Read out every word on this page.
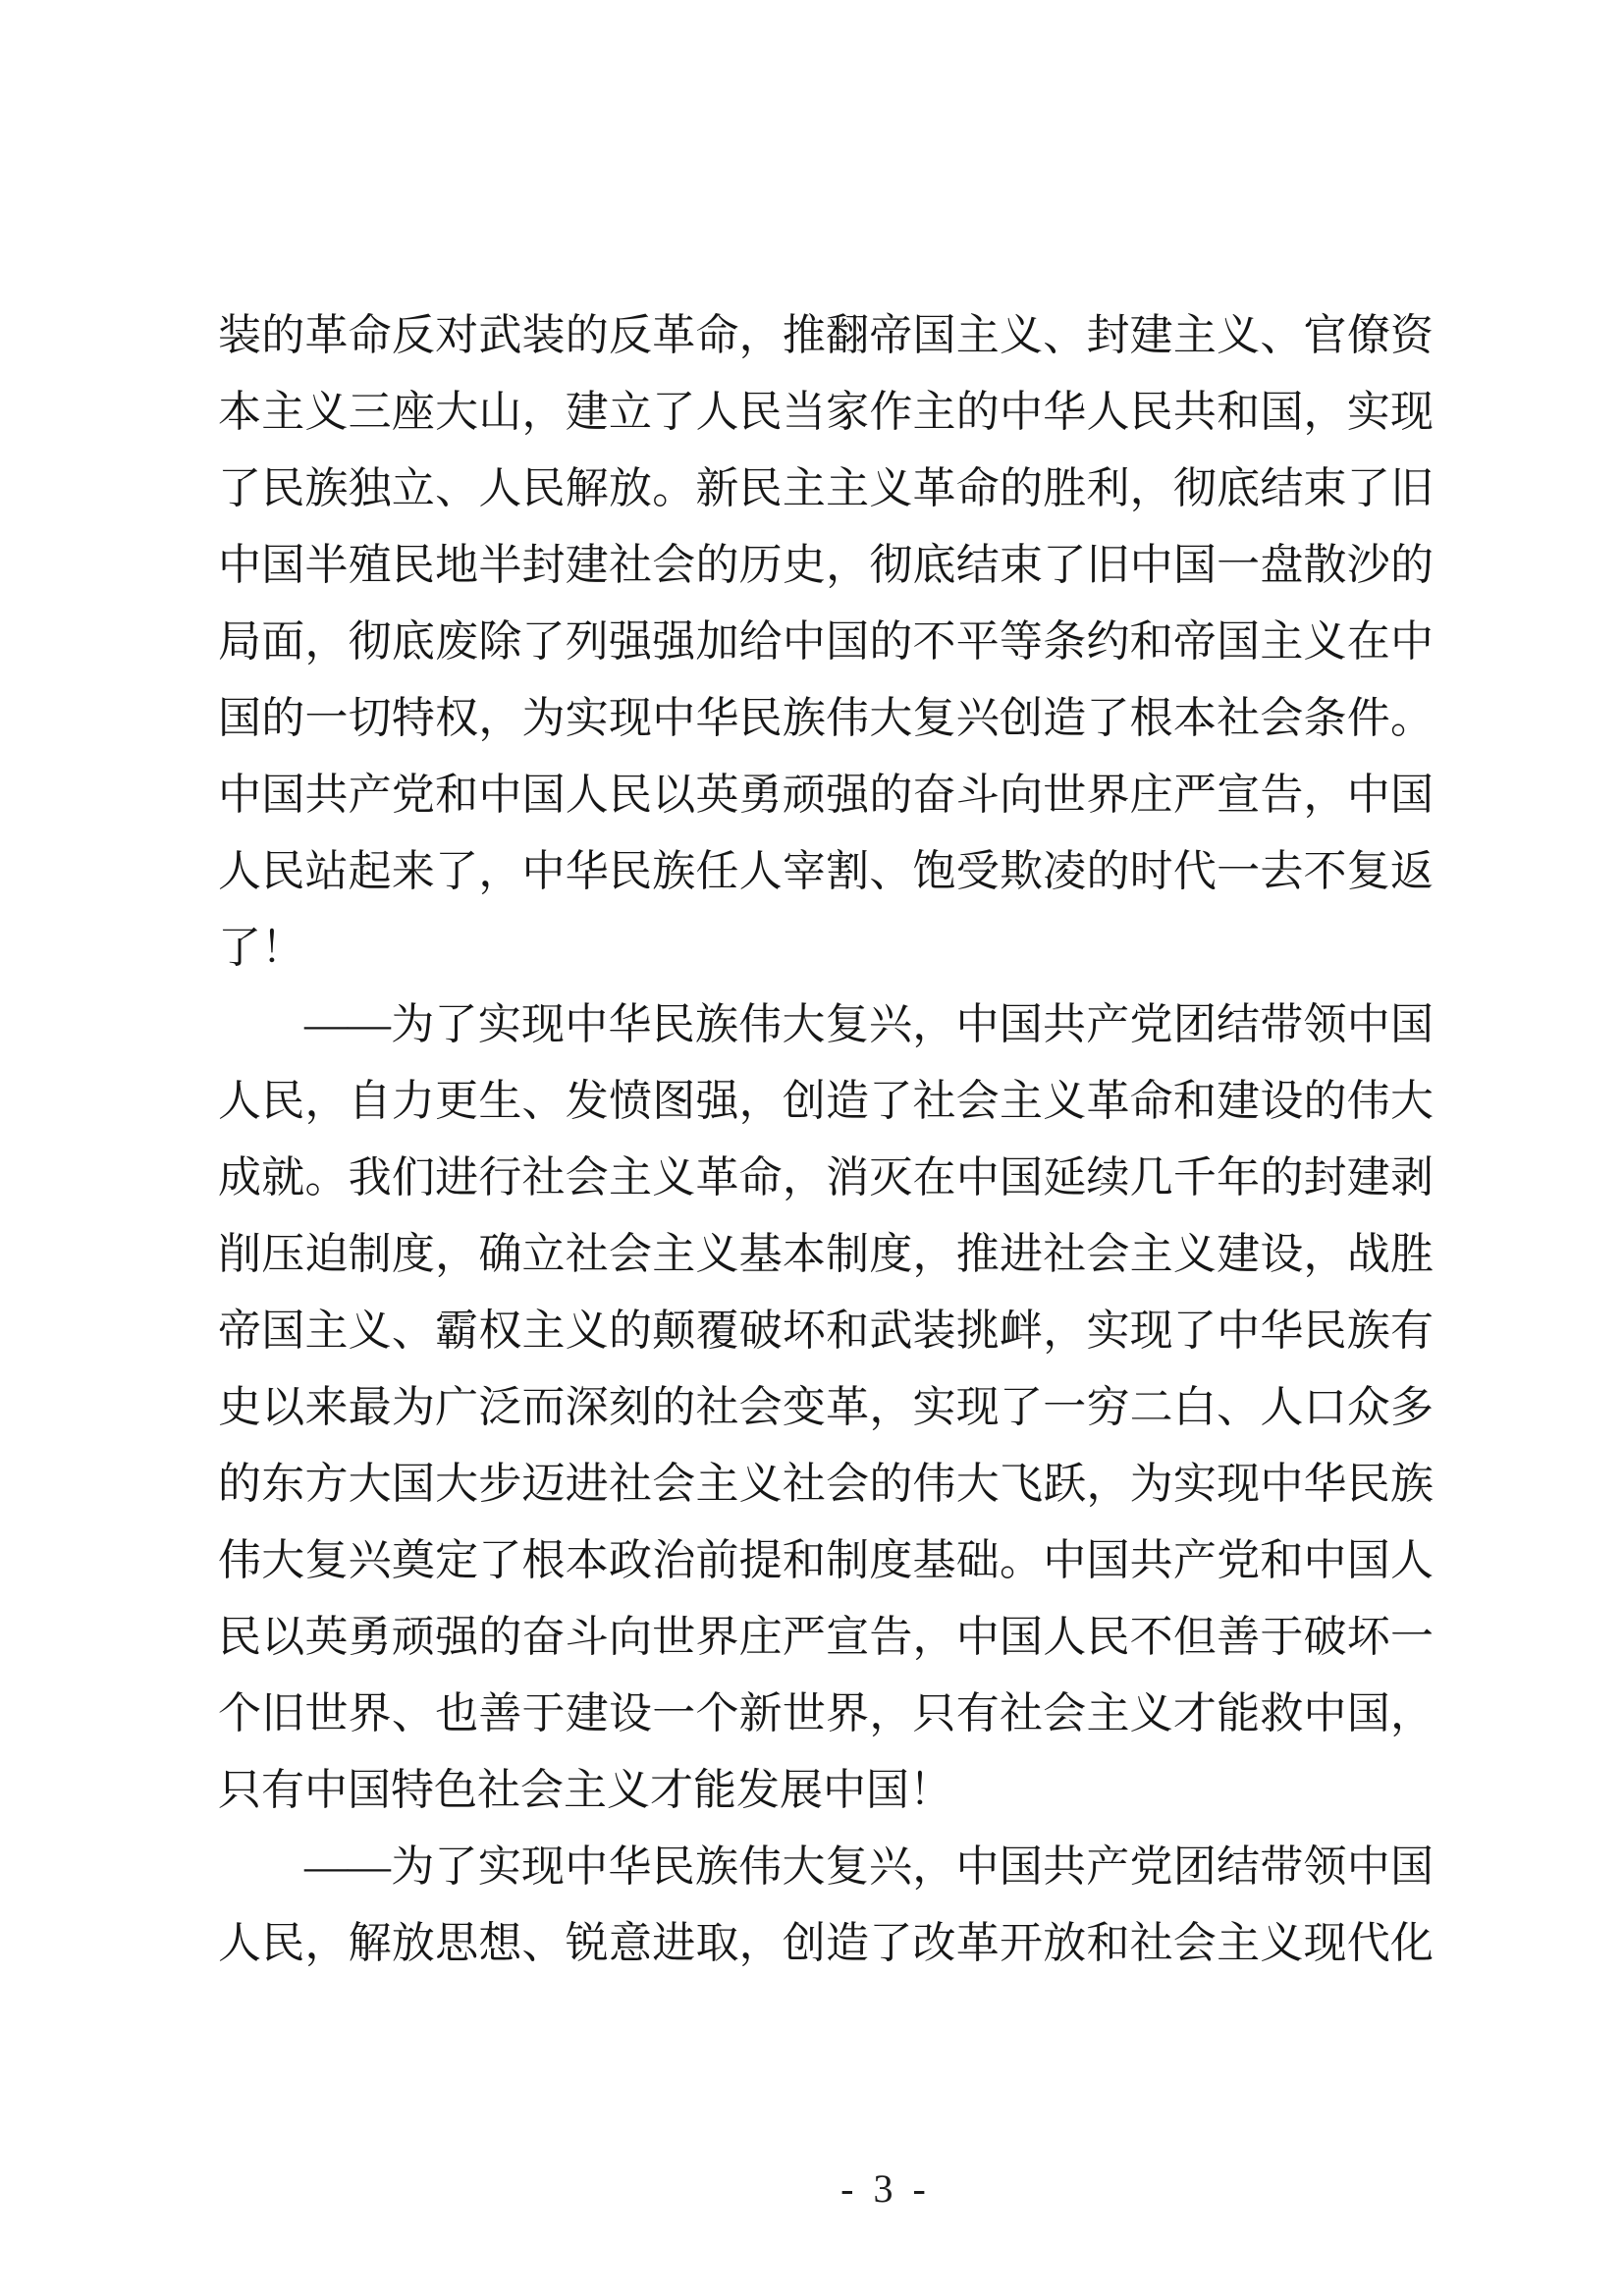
装的革命反对武装的反革命，推翻帝国主义、封建主义、官僚资
本主义三座大山，建立了人民当家作主的中华人民共和国，实现
了民族独立、人民解放。新民主主义革命的胜利，彻底结束了旧
中国半殖民地半封建社会的历史，彻底结束了旧中国一盘散沙的
局面，彻底废除了列强强加给中国的不平等条约和帝国主义在中
国的一切特权，为实现中华民族伟大复兴创造了根本社会条件。
中国共产党和中国人民以英勇顽强的奋斗向世界庄严宣告，中国
人民站起来了，中华民族任人宰割、饱受欺凌的时代一去不复返
了！
——为了实现中华民族伟大复兴，中国共产党团结带领中国
人民，自力更生、发愤图强，创造了社会主义革命和建设的伟大
成就。我们进行社会主义革命，消灭在中国延续几千年的封建剥
削压迫制度，确立社会主义基本制度，推进社会主义建设，战胜
帝国主义、霸权主义的颠覆破坏和武装挑衅，实现了中华民族有
史以来最为广泛而深刻的社会变革，实现了一穷二白、人口众多
的东方大国大步迈进社会主义社会的伟大飞跃，为实现中华民族
伟大复兴奠定了根本政治前提和制度基础。中国共产党和中国人
民以英勇顽强的奋斗向世界庄严宣告，中国人民不但善于破坏一
个旧世界、也善于建设一个新世界，只有社会主义才能救中国，
只有中国特色社会主义才能发展中国！
——为了实现中华民族伟大复兴，中国共产党团结带领中国
人民，解放思想、锐意进取，创造了改革开放和社会主义现代化

- 3 -
